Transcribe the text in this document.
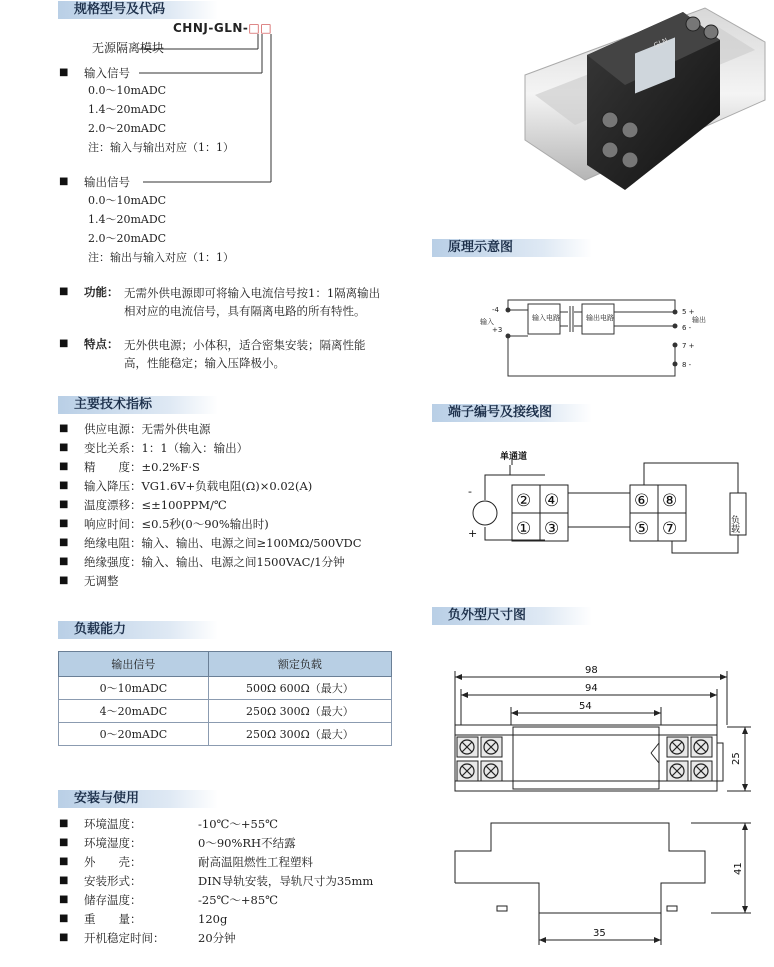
规格型号及代码
CHNJ-GLN-□□
无源隔离模块
■ 输入信号
0.0～10mADC
1.4～20mADC
2.0～20mADC
注：输入与输出对应（1：1）
■ 输出信号
0.0～10mADC
1.4～20mADC
2.0～20mADC
注：输出与输入对应（1：1）
■ 功能： 无需外供电源即可将输入电流信号按1：1隔离输出相对应的电流信号，具有隔离电路的所有特性。
■ 特点： 无外供电源；小体积，适合密集安装；隔离性能高，性能稳定；输入压降极小。
主要技术指标
■ 供应电源：无需外供电源
■ 变比关系：1：1（输入：输出）
■ 精　　度：±0.2%F·S
■ 输入降压：VG1.6V+负载电阻(Ω)×0.02(A)
■ 温度漂移：≤±100PPM/℃
■ 响应时间：≤0.5秒(0～90%输出时)
■ 绝缘电阻：输入、输出、电源之间≥100MΩ/500VDC
■ 绝缘强度：输入、输出、电源之间1500VAC/1分钟
■ 无调整
负载能力
输出信号	额定负载
0～10mADC	500Ω 600Ω（最大）
4～20mADC	250Ω 300Ω（最大）
0～20mADC	250Ω 300Ω（最大）
安装与使用
■ 环境温度：	-10℃～+55℃
■ 环境湿度：	0～90%RH不结露
■ 外　　壳：	耐高温阻燃性工程塑料
■ 安装形式：	DIN导轨安装，导轨尺寸为35mm
■ 储存温度：	-25℃～+85℃
■ 重　　量：	120g
■ 开机稳定时间：	20分钟
GLN
原理示意图
-4
+3
输入	输入电路	输出电路
5 +
6 -
输出
7 +
8 -
端子编号及接线图
单通道
② ④
① ③
⑥ ⑧
⑤ ⑦
-
+
负载
负外型尺寸图
98
94
54
25
41
35
